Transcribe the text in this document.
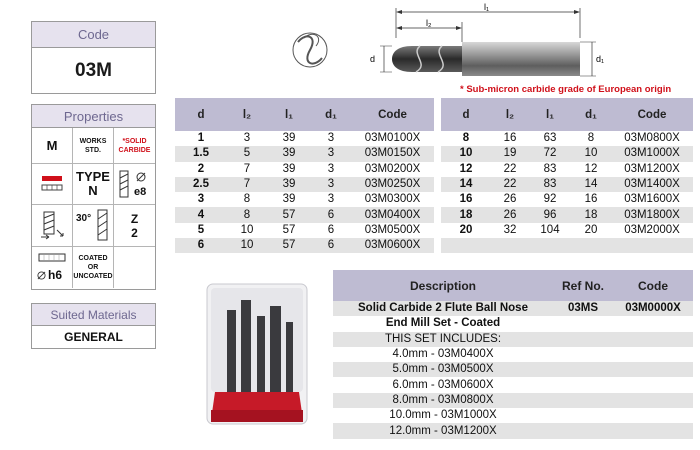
Code
03M
Properties
M	WORKS STD.
*SOLID CARBIDE
TYPE
N	e8
30°	Z
2
h6
COATED OR UNCOATED
Suited Materials
GENERAL
l₁
l₂
d	d₁
* Sub-micron carbide grade of European origin
d	l₂	l₁	d₁	Code
1	3	39	3	03M0100X
1.5	5	39	3	03M0150X
2	7	39	3	03M0200X
2.5	7	39	3	03M0250X
3	8	39	3	03M0300X
4	8	57	6	03M0400X
5	10	57	6	03M0500X
6	10	57	6	03M0600X
d	l₂	l₁	d₁	Code
8	16	63	8	03M0800X
10	19	72	10	03M1000X
12	22	83	12	03M1200X
14	22	83	14	03M1400X
16	26	92	16	03M1600X
18	26	96	18	03M1800X
20	32	104	20	03M2000X

Description	Ref No.	Code
Solid Carbide 2 Flute Ball Nose	03MS	03M0000X
End Mill Set - Coated		
THIS SET INCLUDES:		
4.0mm - 03M0400X		
5.0mm - 03M0500X		
6.0mm - 03M0600X		
8.0mm - 03M0800X		
10.0mm - 03M1000X		
12.0mm - 03M1200X		
